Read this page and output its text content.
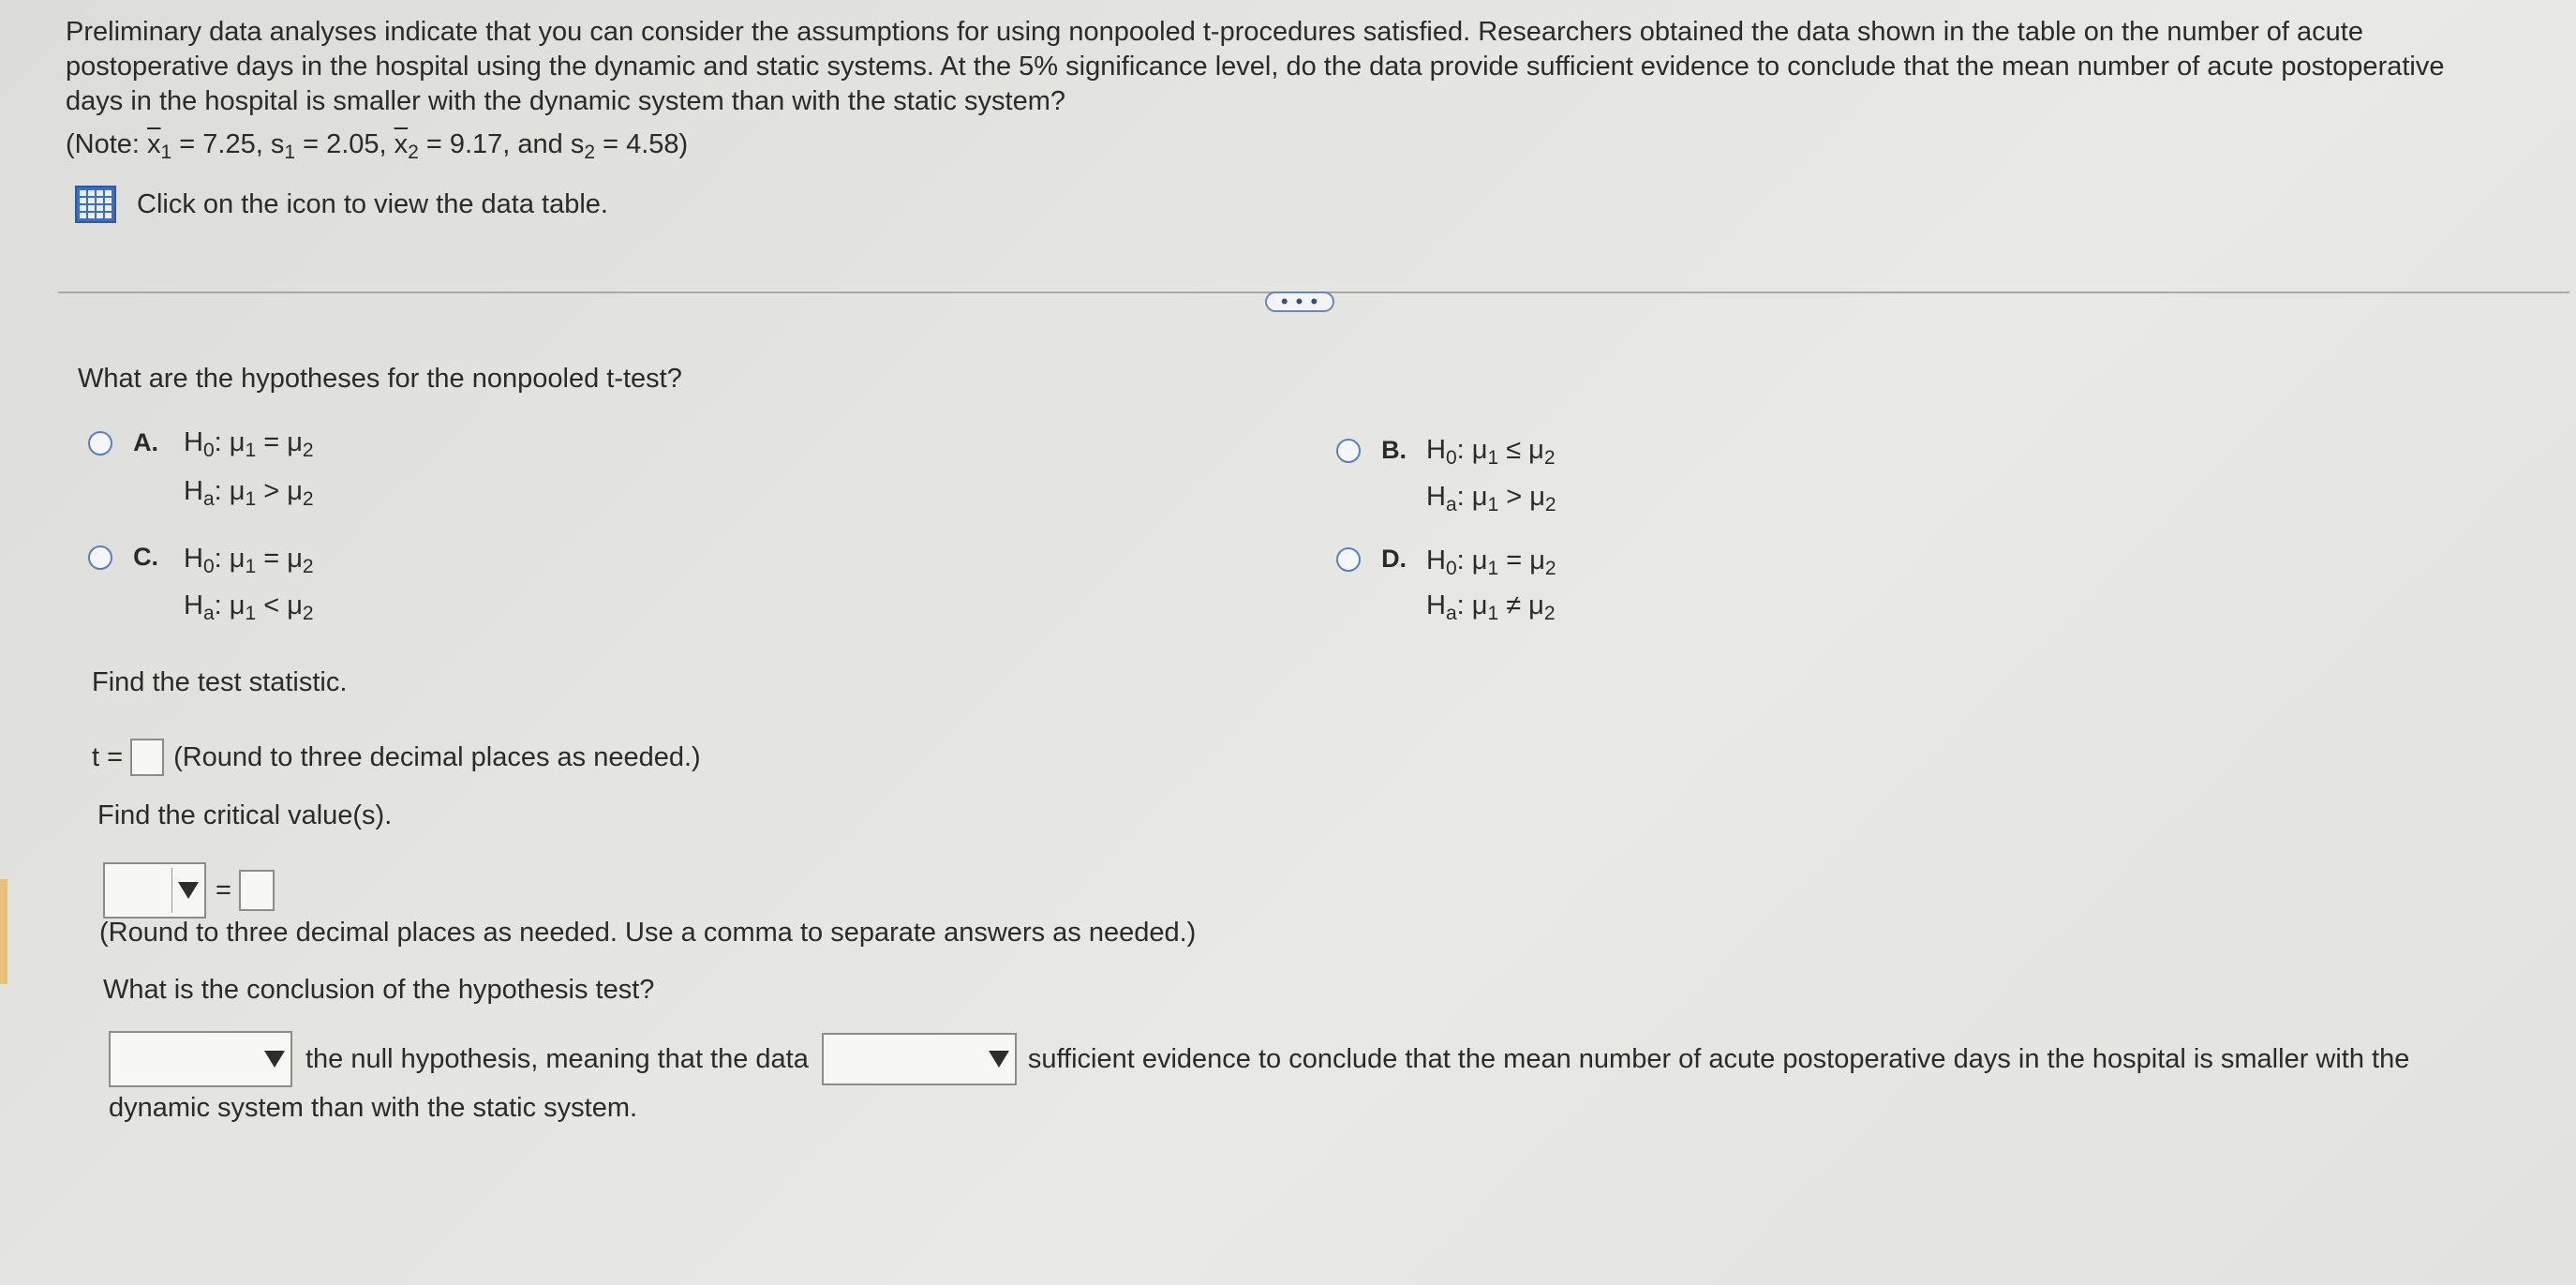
Preliminary data analyses indicate that you can consider the assumptions for using nonpooled t-procedures satisfied. Researchers obtained the data shown in the table on the number of acute

postoperative days in the hospital using the dynamic and static systems. At the 5% significance level, do the data provide sufficient evidence to conclude that the mean number of acute postoperative

days in the hospital is smaller with the dynamic system than with the static system?

(Note: $\overline{x}_1 = 7.25$, $s_1 = 2.05$, $\overline{x}_2 = 9.17$, and $s_2 = 4.58$)
Click on the icon to view the data table.
• • •
What are the hypotheses for the nonpooled t-test?
A. $H_0$: $\mu_1 = \mu_2$
$H_a$: $\mu_1 > \mu_2$
B. $H_0$: $\mu_1 \le \mu_2$
$H_a$: $\mu_1 > \mu_2$
C. $H_0$: $\mu_1 = \mu_2$
$H_a$: $\mu_1 < \mu_2$
D. $H_0$: $\mu_1 = \mu_2$
$H_a$: $\mu_1 \ne \mu_2$
Find the test statistic.
t = (Round to three decimal places as needed.)
Find the critical value(s).
=
(Round to three decimal places as needed. Use a comma to separate answers as needed.)
What is the conclusion of the hypothesis test?
the null hypothesis, meaning that the data	sufficient evidence to conclude that the mean number of acute postoperative days in the hospital is smaller with the
dynamic system than with the static system.
